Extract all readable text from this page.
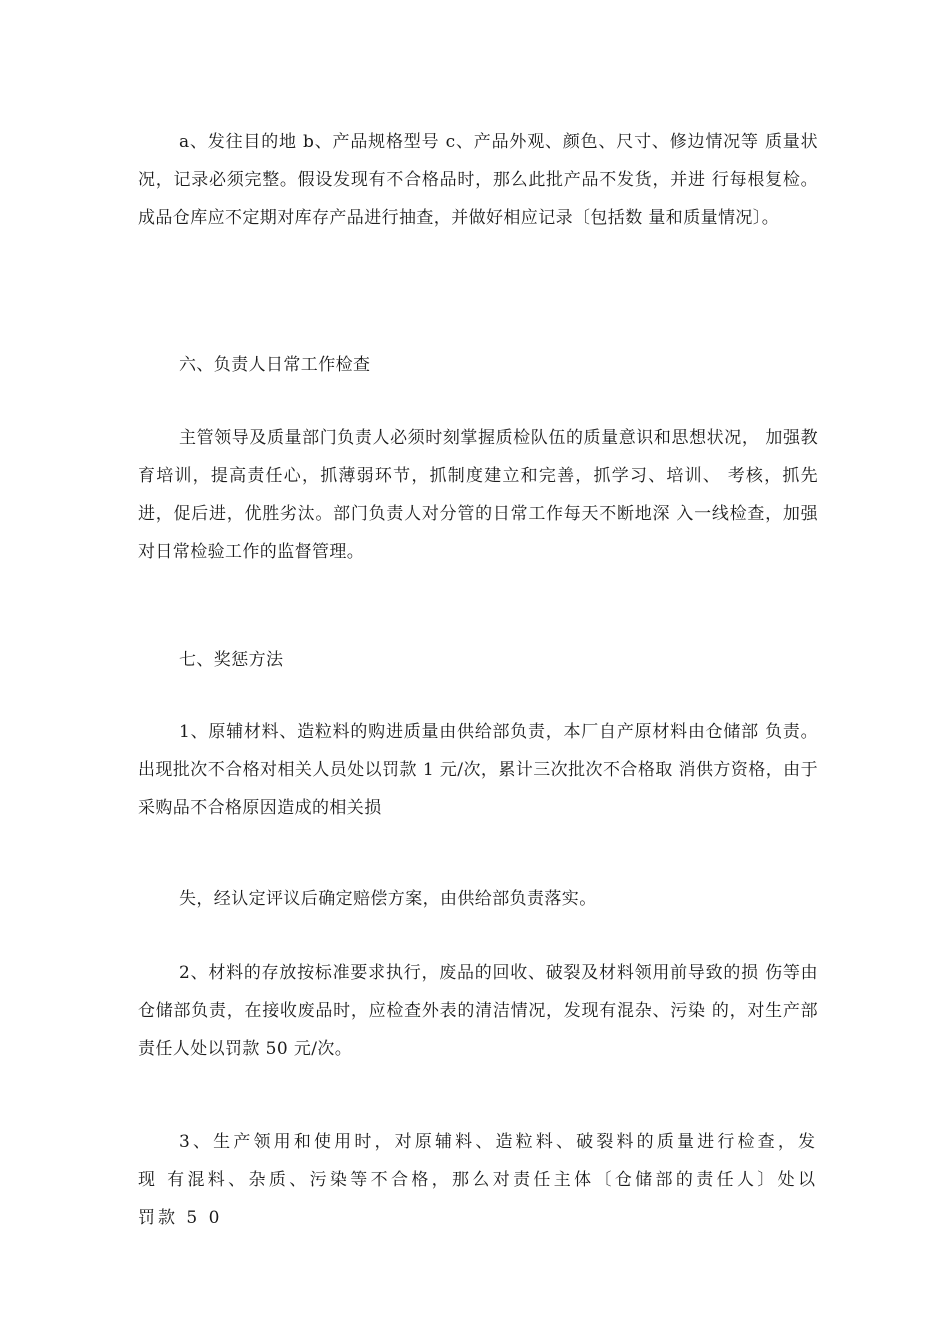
a、发往目的地 b、产品规格型号 c、产品外观、颜色、尺寸、修边情况等 质量状况，记录必须完整。假设发现有不合格品时，那么此批产品不发货，并进 行每根复检。成品仓库应不定期对库存产品进行抽查，并做好相应记录〔包括数 量和质量情况〕。

六、负责人日常工作检查

主管领导及质量部门负责人必须时刻掌握质检队伍的质量意识和思想状况， 加强教育培训，提高责任心，抓薄弱环节，抓制度建立和完善，抓学习、培训、 考核，抓先进，促后进，优胜劣汰。部门负责人对分管的日常工作每天不断地深 入一线检查，加强对日常检验工作的监督管理。

七、奖惩方法

1、原辅材料、造粒料的购进质量由供给部负责，本厂自产原材料由仓储部 负责。出现批次不合格对相关人员处以罚款 1 元/次，累计三次批次不合格取 消供方资格，由于采购品不合格原因造成的相关损

失，经认定评议后确定赔偿方案，由供给部负责落实。

2、材料的存放按标准要求执行，废品的回收、破裂及材料领用前导致的损 伤等由仓储部负责，在接收废品时，应检查外表的清洁情况，发现有混杂、污染 的，对生产部责任人处以罚款 50 元/次。

3、生产领用和使用时，对原辅料、造粒料、破裂料的质量进行检查，发现 有混料、杂质、污染等不合格，那么对责任主体〔仓储部的责任人〕处以罚款 5 0
